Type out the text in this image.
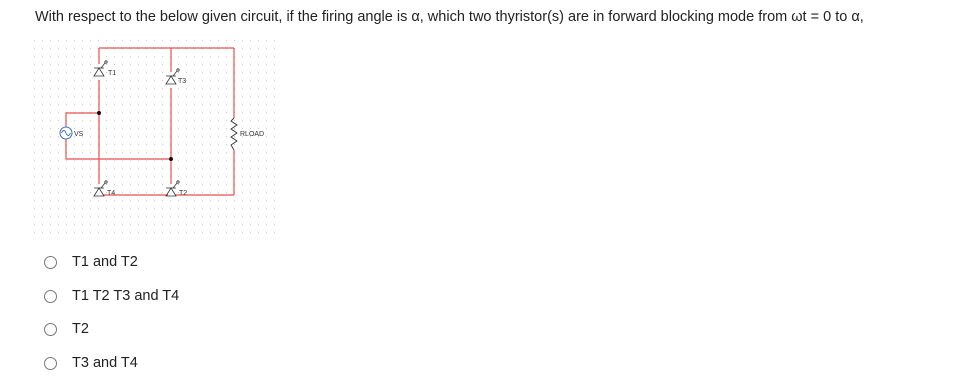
With respect to the below given circuit, if the firing angle is α, which two thyristor(s) are in forward blocking mode from ωt = 0 to α,
VS
T1
T3
T4	T2
RLOAD
T1 and T2
T1 T2 T3 and T4
T2
T3 and T4
